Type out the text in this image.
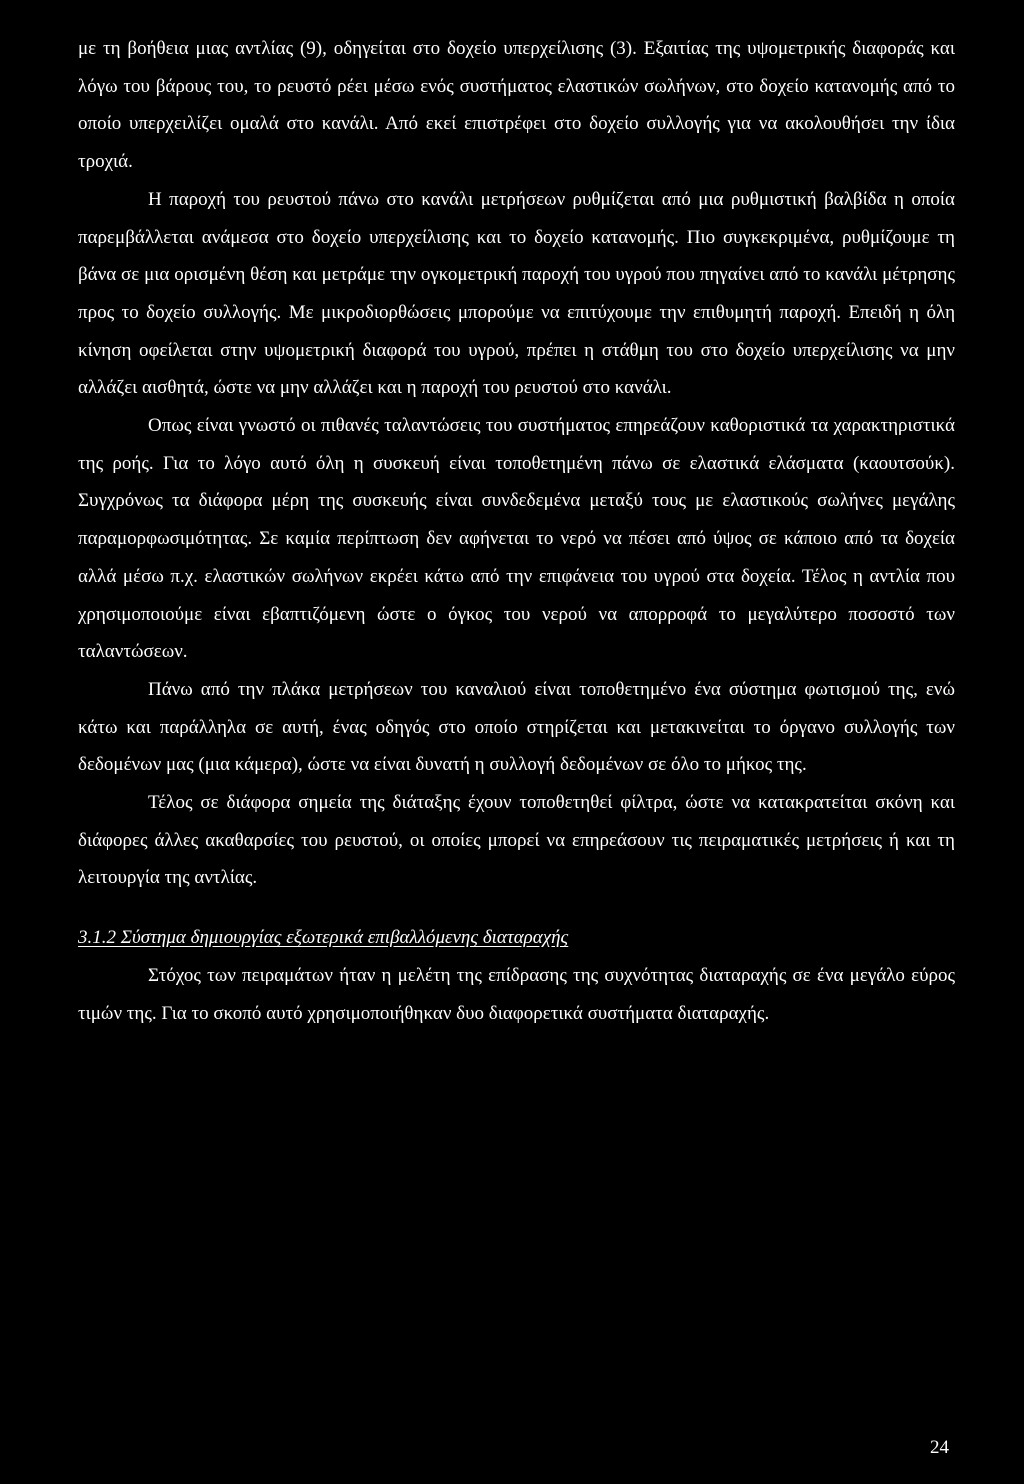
με τη βοήθεια μιας αντλίας (9), οδηγείται στο δοχείο υπερχείλισης (3). Εξαιτίας της υψομετρικής διαφοράς και λόγω του βάρους του, το ρευστό ρέει μέσω ενός συστήματος ελαστικών σωλήνων, στο δοχείο κατανομής από το οποίο υπερχειλίζει ομαλά στο κανάλι. Από εκεί επιστρέφει στο δοχείο συλλογής για να ακολουθήσει την ίδια τροχιά.

Η παροχή του ρευστού πάνω στο κανάλι μετρήσεων ρυθμίζεται από μια ρυθμιστική βαλβίδα η οποία παρεμβάλλεται ανάμεσα στο δοχείο υπερχείλισης και το δοχείο κατανομής. Πιο συγκεκριμένα, ρυθμίζουμε τη βάνα σε μια ορισμένη θέση και μετράμε την ογκομετρική παροχή του υγρού που πηγαίνει από το κανάλι μέτρησης προς το δοχείο συλλογής. Με μικροδιορθώσεις μπορούμε να επιτύχουμε την επιθυμητή παροχή. Επειδή η όλη κίνηση οφείλεται στην υψομετρική διαφορά του υγρού, πρέπει η στάθμη του στο δοχείο υπερχείλισης να μην αλλάζει αισθητά, ώστε να μην αλλάζει και η παροχή του ρευστού στο κανάλι.

Οπως είναι γνωστό οι πιθανές ταλαντώσεις του συστήματος επηρεάζουν καθοριστικά τα χαρακτηριστικά της ροής. Για το λόγο αυτό όλη η συσκευή είναι τοποθετημένη πάνω σε ελαστικά ελάσματα (καουτσούκ). Συγχρόνως τα διάφορα μέρη της συσκευής είναι συνδεδεμένα μεταξύ τους με ελαστικούς σωλήνες μεγάλης παραμορφωσιμότητας. Σε καμία περίπτωση δεν αφήνεται το νερό να πέσει από ύψος σε κάποιο από τα δοχεία αλλά μέσω π.χ. ελαστικών σωλήνων εκρέει κάτω από την επιφάνεια του υγρού στα δοχεία. Τέλος η αντλία που χρησιμοποιούμε είναι εβαπτιζόμενη ώστε ο όγκος του νερού να απορροφά το μεγαλύτερο ποσοστό των ταλαντώσεων.

Πάνω από την πλάκα μετρήσεων του καναλιού είναι τοποθετημένο ένα σύστημα φωτισμού της, ενώ κάτω και παράλληλα σε αυτή, ένας οδηγός στο οποίο στηρίζεται και μετακινείται το όργανο συλλογής των δεδομένων μας (μια κάμερα), ώστε να είναι δυνατή η συλλογή δεδομένων σε όλο το μήκος της.

Τέλος σε διάφορα σημεία της διάταξης έχουν τοποθετηθεί φίλτρα, ώστε να κατακρατείται σκόνη και διάφορες άλλες ακαθαρσίες του ρευστού, οι οποίες μπορεί να επηρεάσουν τις πειραματικές μετρήσεις ή και τη λειτουργία της αντλίας.

3.1.2 Σύστημα δημιουργίας εξωτερικά επιβαλλόμενης διαταραχής

Στόχος των πειραμάτων ήταν η μελέτη της επίδρασης της συχνότητας διαταραχής σε ένα μεγάλο εύρος τιμών της. Για το σκοπό αυτό χρησιμοποιήθηκαν δυο διαφορετικά συστήματα διαταραχής.

24
